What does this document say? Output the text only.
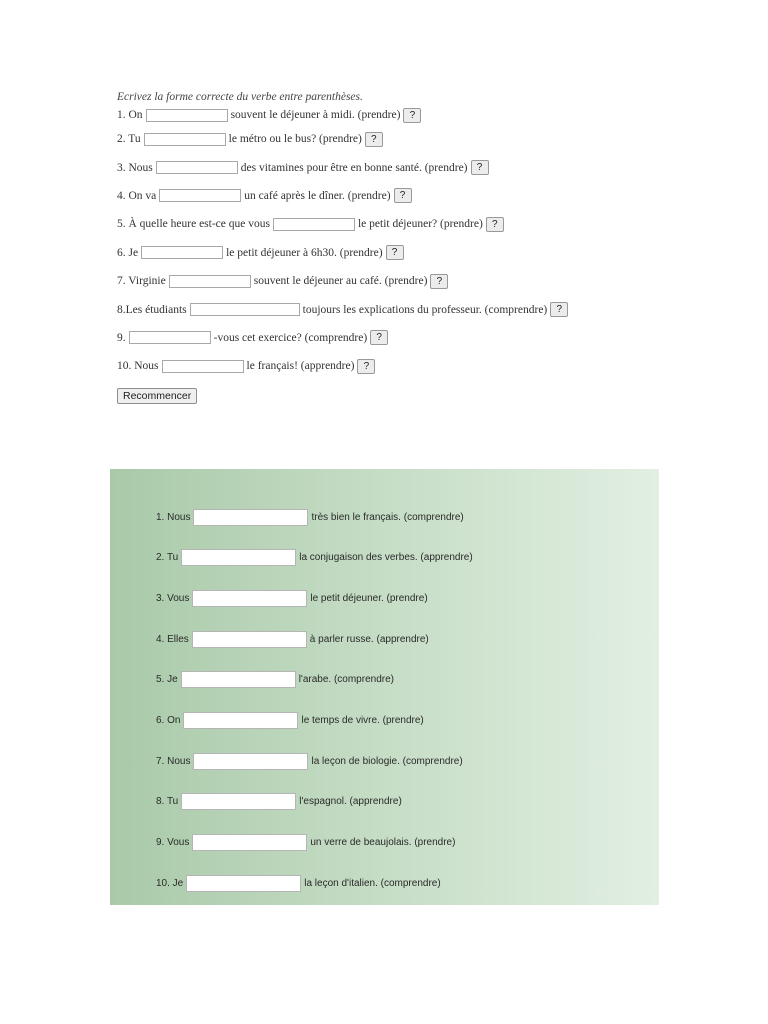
Ecrivez la forme correcte du verbe entre parenthèses.
1. On	souvent le déjeuner à midi. (prendre) ?
2. Tu	le métro ou le bus? (prendre) ?
3. Nous	des vitamines pour être en bonne santé. (prendre) ?
4. On va	un café après le dîner. (prendre) ?
5. À quelle heure est-ce que vous	le petit déjeuner? (prendre) ?
6. Je	le petit déjeuner à 6h30. (prendre) ?
7. Virginie	souvent le déjeuner au café. (prendre) ?
8.Les étudiants	toujours les explications du professeur. (comprendre) ?
9.	-vous cet exercice? (comprendre) ?
10. Nous	le français! (apprendre) ?
Recommencer
1. Nous	très bien le français. (comprendre)
2. Tu	la conjugaison des verbes. (apprendre)
3. Vous	le petit déjeuner. (prendre)
4. Elles	à parler russe. (apprendre)
5. Je	l'arabe. (comprendre)
6. On	le temps de vivre. (prendre)
7. Nous	la leçon de biologie. (comprendre)
8. Tu	l'espagnol. (apprendre)
9. Vous	un verre de beaujolais. (prendre)
10. Je	la leçon d'italien. (comprendre)
